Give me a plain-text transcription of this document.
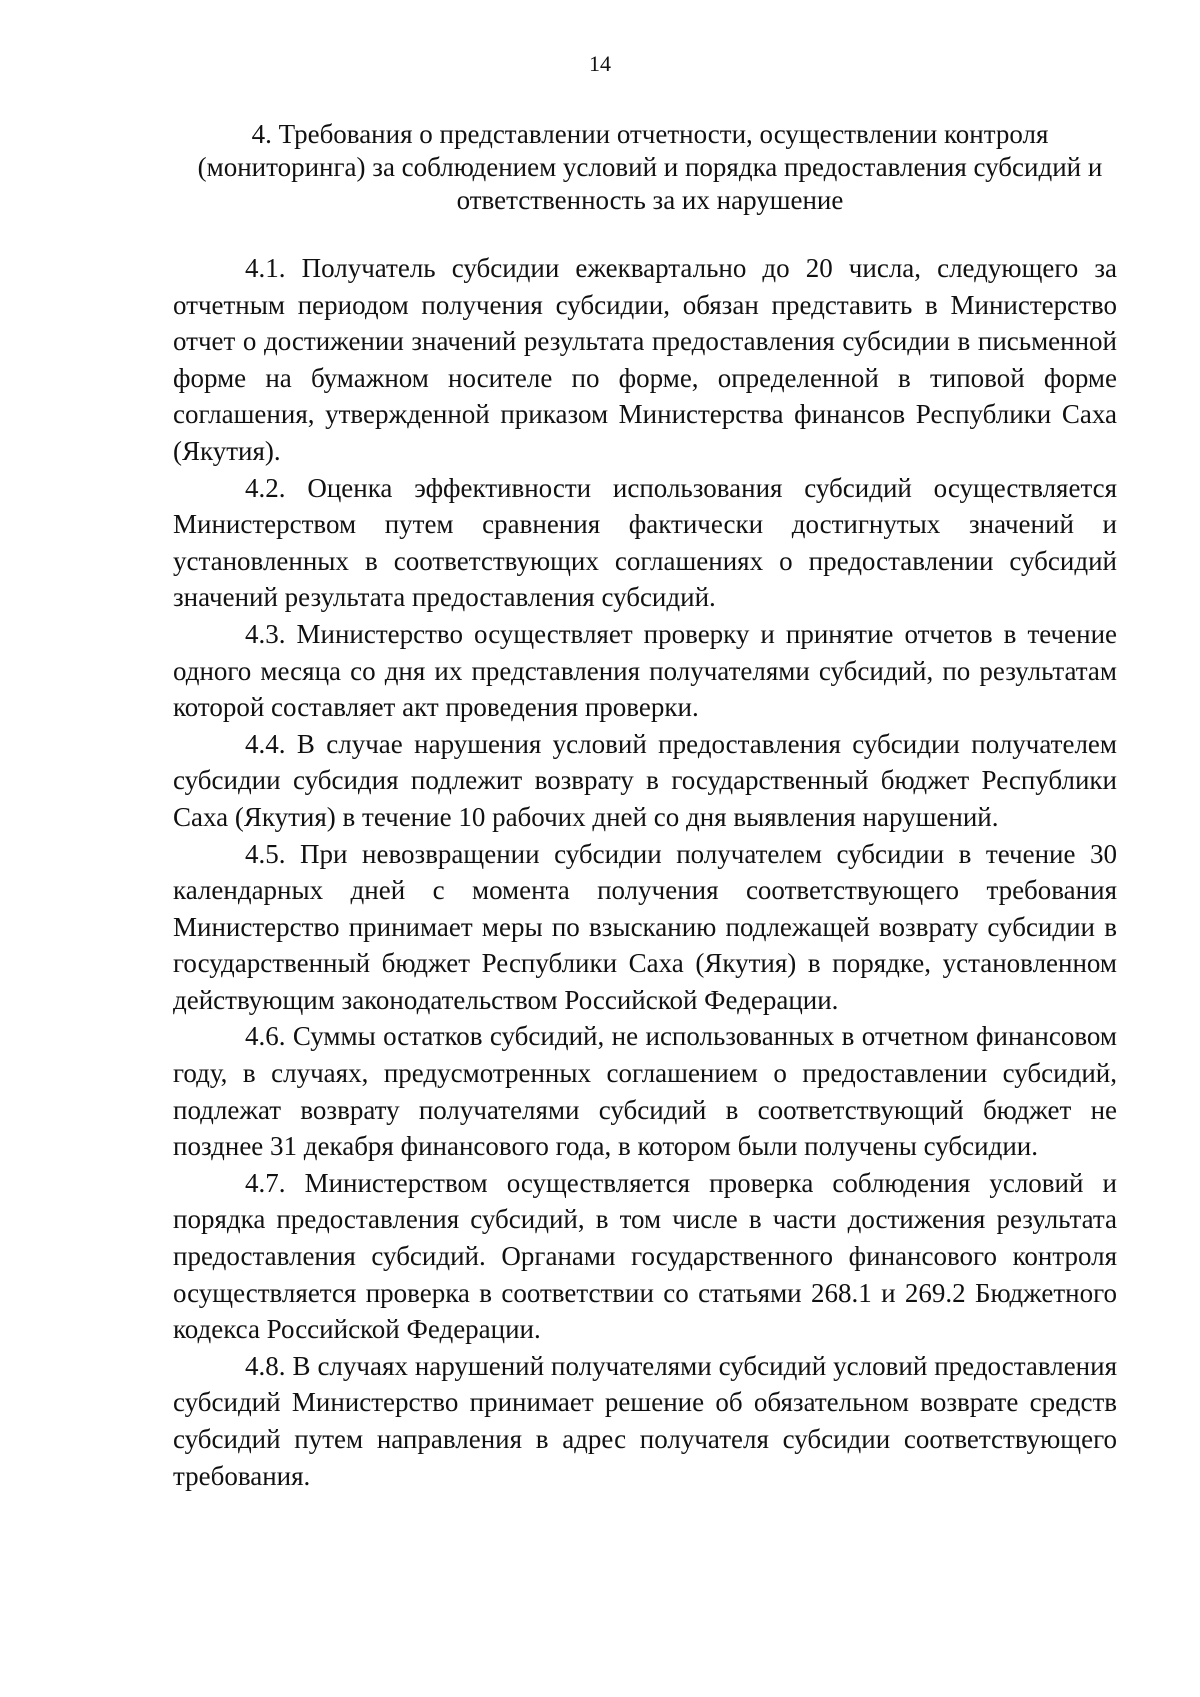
14
4. Требования о представлении отчетности, осуществлении контроля (мониторинга) за соблюдением условий и порядка предоставления субсидий и ответственность за их нарушение

4.1. Получатель субсидии ежеквартально до 20 числа, следующего за отчетным периодом получения субсидии, обязан представить в Министерство отчет о достижении значений результата предоставления субсидии в письменной форме на бумажном носителе по форме, определенной в типовой форме соглашения, утвержденной приказом Министерства финансов Республики Саха (Якутия).

4.2. Оценка эффективности использования субсидий осуществляется Министерством путем сравнения фактически достигнутых значений и установленных в соответствующих соглашениях о предоставлении субсидий значений результата предоставления субсидий.

4.3. Министерство осуществляет проверку и принятие отчетов в течение одного месяца со дня их представления получателями субсидий, по результатам которой составляет акт проведения проверки.

4.4. В случае нарушения условий предоставления субсидии получателем субсидии субсидия подлежит возврату в государственный бюджет Республики Саха (Якутия) в течение 10 рабочих дней со дня выявления нарушений.

4.5. При невозвращении субсидии получателем субсидии в течение 30 календарных дней с момента получения соответствующего требования Министерство принимает меры по взысканию подлежащей возврату субсидии в государственный бюджет Республики Саха (Якутия) в порядке, установленном действующим законодательством Российской Федерации.

4.6. Суммы остатков субсидий, не использованных в отчетном финансовом году, в случаях, предусмотренных соглашением о предоставлении субсидий, подлежат возврату получателями субсидий в соответствующий бюджет не позднее 31 декабря финансового года, в котором были получены субсидии.

4.7. Министерством осуществляется проверка соблюдения условий и порядка предоставления субсидий, в том числе в части достижения результата предоставления субсидий. Органами государственного финансового контроля осуществляется проверка в соответствии со статьями 268.1 и 269.2 Бюджетного кодекса Российской Федерации.

4.8. В случаях нарушений получателями субсидий условий предоставления субсидий Министерство принимает решение об обязательном возврате средств субсидий путем направления в адрес получателя субсидии соответствующего требования.
